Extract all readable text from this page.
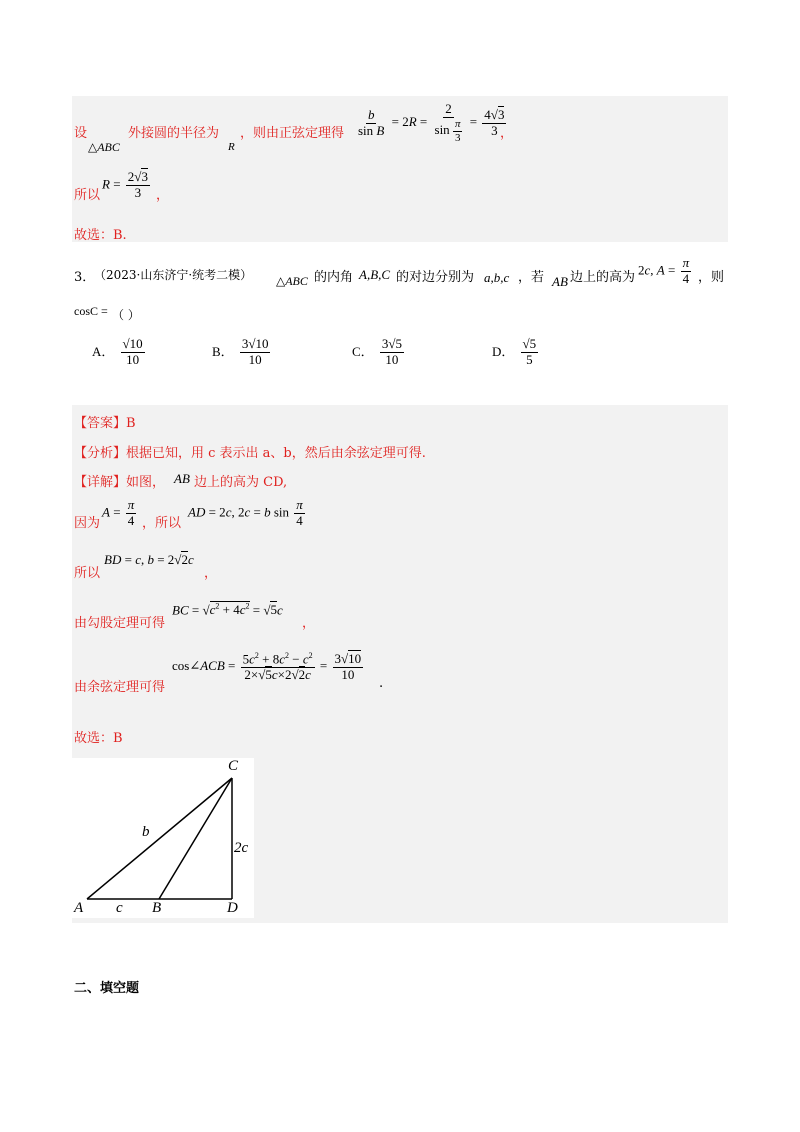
设
△ABC
外接圆的半径为
R
，则由正弦定理得 $\frac{b}{\text{sin B}} = 2R = \frac{2}{\sin \frac{\pi}{3}} = \frac{4√3}{3}$
，
所以
$R = \frac{2√3}{3}$ ，
故选：B.
3．
（2023·山东济宁·统考二模） △ABC 的内角 A,B,C 的对边分别为 a,b,c ，若 AB 边上的高为
2c, $A = \frac{\pi}{4}$ ，则
cosC = （ ）
A． $\frac{√10}{10}$	B． $\frac{3√10}{10}$	C． $\frac{3√5}{10}$	D． $\frac{√5}{5}$
【答案】B
【分析】根据已知，用 c 表示出 a、b，然后由余弦定理可得.
【详解】如图， AB 边上的高为 CD,
因为
$A = \frac{\pi}{4}$ ，所以
AD = 2c, 2c = b $\sin \frac{\pi}{4}$
所以
BD = c, b = 2√2c
，
由勾股定理可得
BC = $√c^2 + 4c^2 = √5c$
，
cos∠ACB = $\frac{5c^2 + 8c^2 - c^2}{2\times√5c\times 2√2c} = \frac{3√10}{10}$
由余弦定理可得	.
故选：B
C
A	B	D
b
c
2c
二、填空题
